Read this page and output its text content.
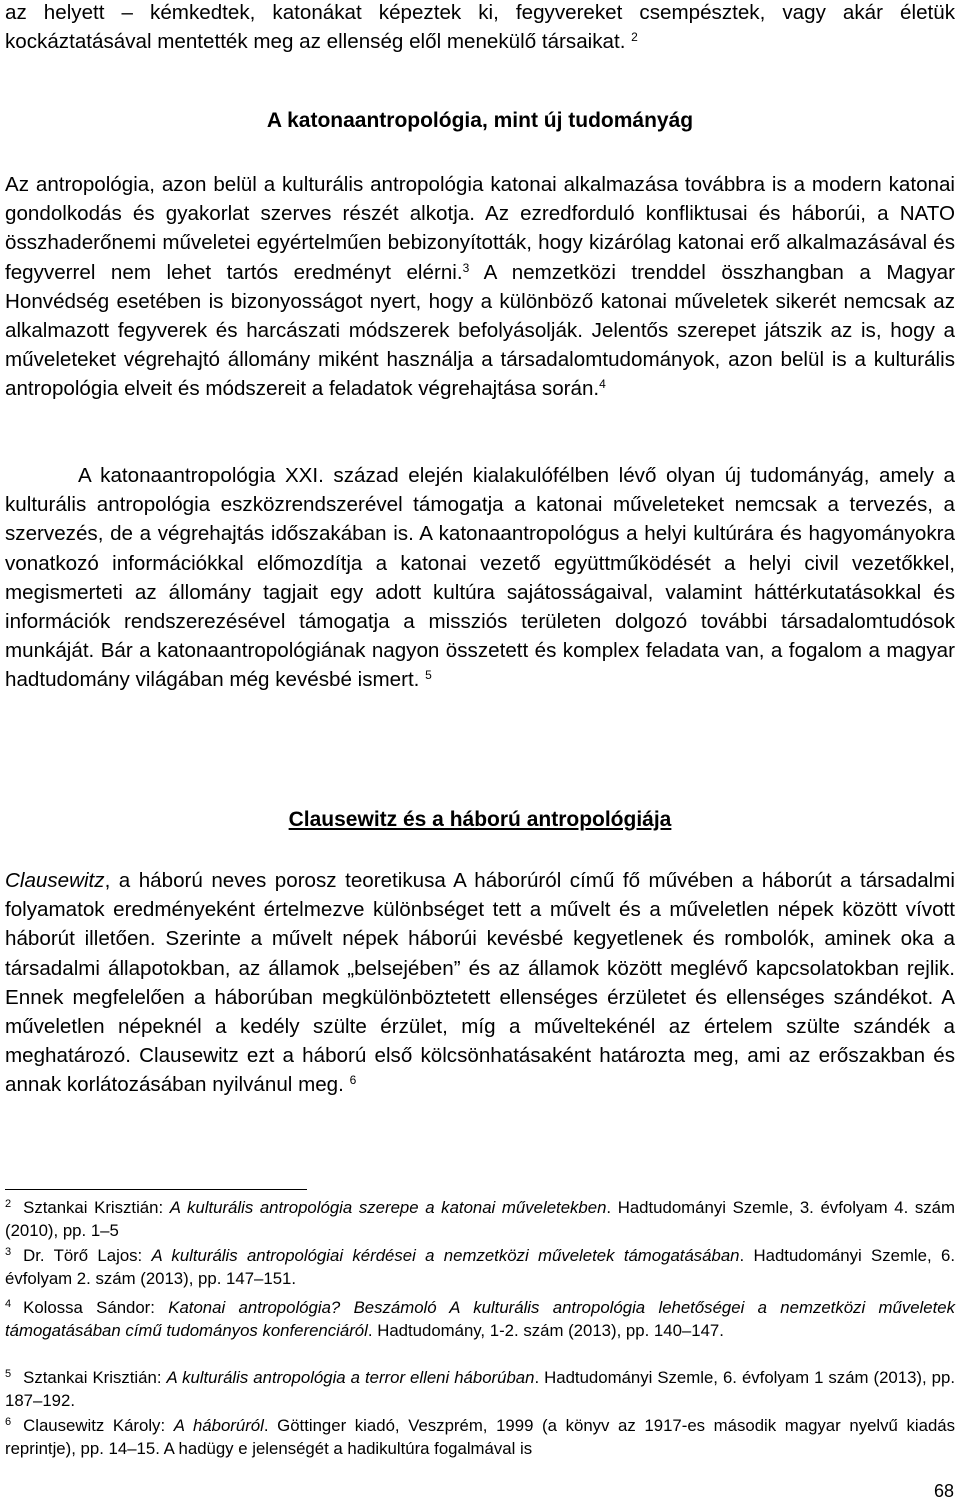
az helyett – kémkedtek, katonákat képeztek ki, fegyvereket csempésztek, vagy akár életük kockáztatásával mentették meg az ellenség elől menekülő társaikat. $^2$

A katonaantropológia, mint új tudományág

Az antropológia, azon belül a kulturális antropológia katonai alkalmazása továbbra is a modern katonai gondolkodás és gyakorlat szerves részét alkotja. Az ezredforduló konfliktusai és háborúi, a NATO összhaderőnemi műveletei egyértelműen bebizonyították, hogy kizárólag katonai erő alkalmazásával és fegyverrel nem lehet tartós eredményt elérni.$^3$ A nemzetközi trenddel összhangban a Magyar Honvédség esetében is bizonyosságot nyert, hogy a különböző katonai műveletek sikerét nemcsak az alkalmazott fegyverek és harcászati módszerek befolyásolják. Jelentős szerepet játszik az is, hogy a műveleteket végrehajtó állomány miként használja a társadalomtudományok, azon belül is a kulturális antropológia elveit és módszereit a feladatok végrehajtása során.$^4$

A katonaantropológia XXI. század elején kialakulófélben lévő olyan új tudományág, amely a kulturális antropológia eszközrendszerével támogatja a katonai műveleteket nemcsak a tervezés, a szervezés, de a végrehajtás időszakában is. A katonaantropológus a helyi kultúrára és hagyományokra vonatkozó információkkal előmozdítja a katonai vezető együttműködését a helyi civil vezetőkkel, megismerteti az állomány tagjait egy adott kultúra sajátosságaival, valamint háttérkutatásokkal és információk rendszerezésével támogatja a missziós területen dolgozó további társadalomtudósok munkáját. Bár a katonaantropológiának nagyon összetett és komplex feladata van, a fogalom a magyar hadtudomány világában még kevésbé ismert. $^5$

Clausewitz és a háború antropológiája

Clausewitz, a háború neves porosz teoretikusa A háborúról című fő művében a háborút a társadalmi folyamatok eredményeként értelmezve különbséget tett a művelt és a műveletlen népek között vívott háborút illetően. Szerinte a művelt népek háborúi kevésbé kegyetlenek és rombolók, aminek oka a társadalmi állapotokban, az államok „belsejében” és az államok között meglévő kapcsolatokban rejlik. Ennek megfelelően a háborúban megkülönböztetett ellenséges érzületet és ellenséges szándékot. A műveletlen népeknél a kedély szülte érzület, míg a műveltekénél az értelem szülte szándék a meghatározó. Clausewitz ezt a háború első kölcsönhatásaként határozta meg, ami az erőszakban és annak korlátozásában nyilvánul meg. $^6$

$^2$ Sztankai Krisztián: A kulturális antropológia szerepe a katonai műveletekben. Hadtudományi Szemle, 3. évfolyam 4. szám (2010), pp. 1–5
$^3$ Dr. Törő Lajos: A kulturális antropológiai kérdései a nemzetközi műveletek támogatásában. Hadtudományi Szemle, 6. évfolyam 2. szám (2013), pp. 147–151.
$^4$ Kolossa Sándor: Katonai antropológia? Beszámoló A kulturális antropológia lehetőségei a nemzetközi műveletek támogatásában című tudományos konferenciáról. Hadtudomány, 1-2. szám (2013), pp. 140–147.
$^5$ Sztankai Krisztián: A kulturális antropológia a terror elleni háborúban. Hadtudományi Szemle, 6. évfolyam 1 szám (2013), pp. 187–192.
$^6$ Clausewitz Károly: A háborúról. Göttinger kiadó, Veszprém, 1999 (a könyv az 1917-es második magyar nyelvű kiadás reprintje), pp. 14–15. A hadügy e jelenségét a hadikultúra fogalmával is
68
